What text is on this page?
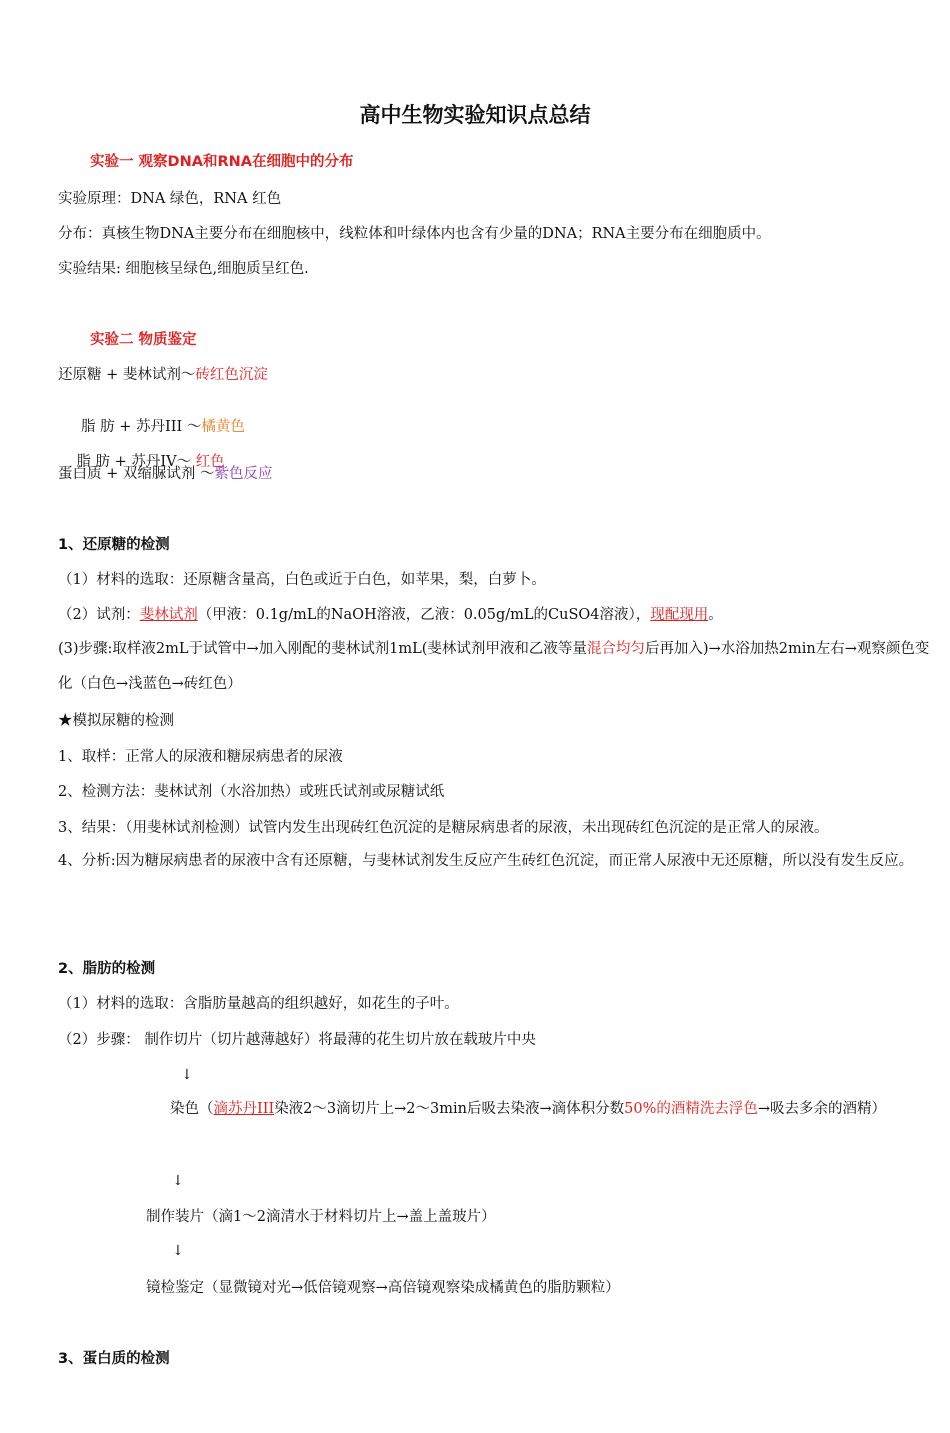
高中生物实验知识点总结
实验一 观察DNA和RNA在细胞中的分布
实验原理：DNA 绿色，RNA 红色
分布：真核生物DNA主要分布在细胞核中，线粒体和叶绿体内也含有少量的DNA；RNA主要分布在细胞质中。
实验结果: 细胞核呈绿色,细胞质呈红色.
实验二 物质鉴定
还原糖 + 斐林试剂～砖红色沉淀

脂 肪 + 苏丹III ～橘黄色

脂 肪 + 苏丹IV～ 红色

蛋白质 + 双缩脲试剂 ～紫色反应
1、还原糖的检测
（1）材料的选取：还原糖含量高，白色或近于白色，如苹果，梨，白萝卜。
（2）试剂：斐林试剂（甲液：0.1g/mL的NaOH溶液，乙液：0.05g/mL的CuSO4溶液），现配现用。
(3)步骤:取样液2mL于试管中→加入刚配的斐林试剂1mL(斐林试剂甲液和乙液等量混合均匀后再加入)→水浴加热2min左右→观察颜色变化（白色→浅蓝色→砖红色）
★模拟尿糖的检测
1、取样：正常人的尿液和糖尿病患者的尿液
2、检测方法：斐林试剂（水浴加热）或班氏试剂或尿糖试纸
3、结果：（用斐林试剂检测）试管内发生出现砖红色沉淀的是糖尿病患者的尿液，未出现砖红色沉淀的是正常人的尿液。
4、分析:因为糖尿病患者的尿液中含有还原糖，与斐林试剂发生反应产生砖红色沉淀，而正常人尿液中无还原糖，所以没有发生反应。
2、脂肪的检测
（1）材料的选取：含脂肪量越高的组织越好，如花生的子叶。
（2）步骤： 制作切片（切片越薄越好）将最薄的花生切片放在载玻片中央
↓
染色（滴苏丹III染液2～3滴切片上→2～3min后吸去染液→滴体积分数50%的酒精洗去浮色→吸去多余的酒精）
↓
制作装片（滴1～2滴清水于材料切片上→盖上盖玻片）
↓
镜检鉴定（显微镜对光→低倍镜观察→高倍镜观察染成橘黄色的脂肪颗粒）
3、蛋白质的检测
